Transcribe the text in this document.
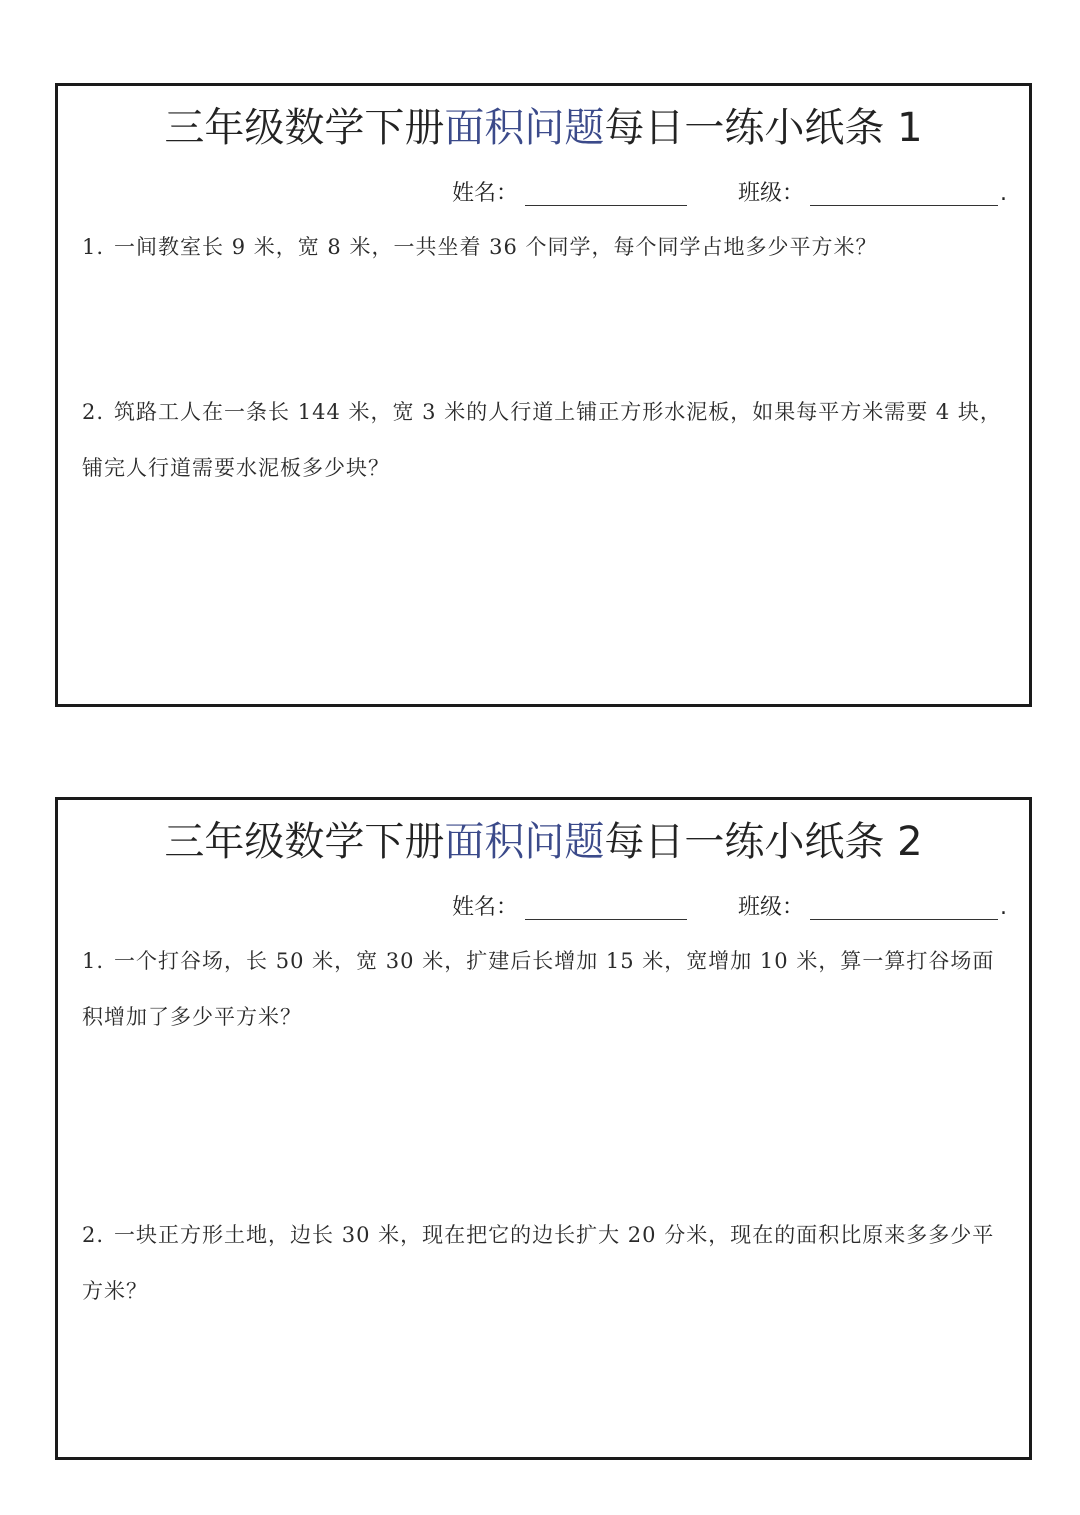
三年级数学下册面积问题每日一练小纸条 1
姓名：	班级：	.
1. 一间教室长 9 米，宽 8 米，一共坐着 36 个同学，每个同学占地多少平方米？
2. 筑路工人在一条长 144 米，宽 3 米的人行道上铺正方形水泥板，如果每平方米需要 4 块，铺完人行道需要水泥板多少块？
三年级数学下册面积问题每日一练小纸条 2
姓名：	班级：	.
1. 一个打谷场，长 50 米，宽 30 米，扩建后长增加 15 米，宽增加 10 米，算一算打谷场面积增加了多少平方米？
2. 一块正方形土地，边长 30 米，现在把它的边长扩大 20 分米，现在的面积比原来多多少平方米？
